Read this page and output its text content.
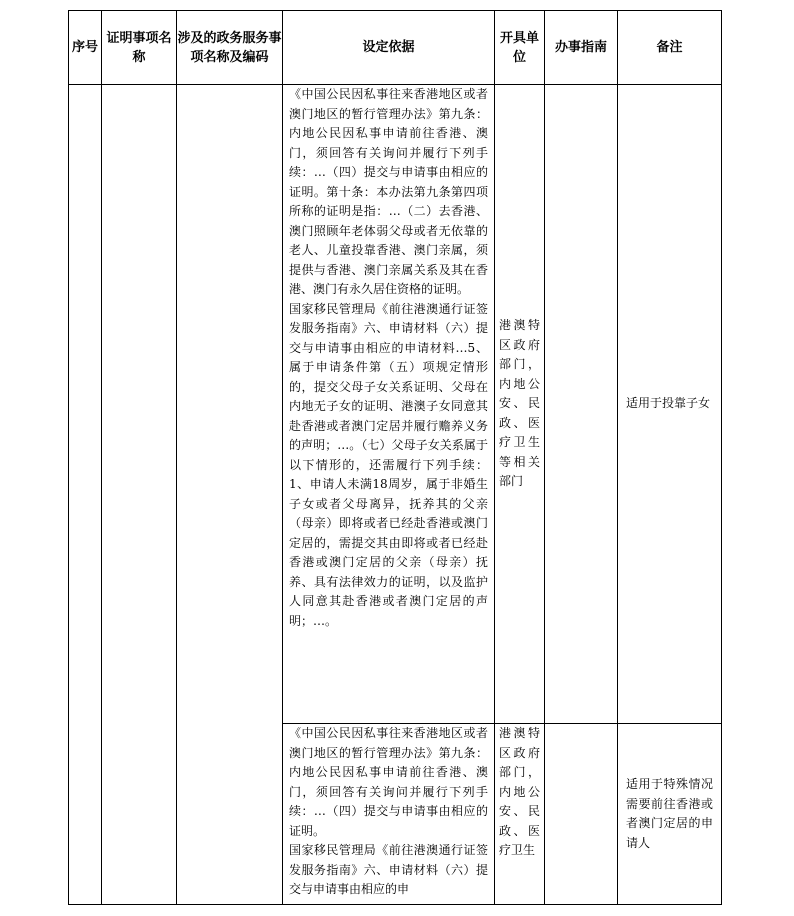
序号	证明事项名称	涉及的政务服务事项名称及编码	设定依据	开具单位	办事指南	备注

			《中国公民因私事往来香港地区或者澳门地区的暂行管理办法》第九条：内地公民因私事申请前往香港、澳门，须回答有关询问并履行下列手续：…（四）提交与申请事由相应的证明。第十条：本办法第九条第四项所称的证明是指：…（二）去香港、澳门照顾年老体弱父母或者无依靠的老人、儿童投靠香港、澳门亲属，须提供与香港、澳门亲属关系及其在香港、澳门有永久居住资格的证明。

国家移民管理局《前往港澳通行证签发服务指南》六、申请材料（六）提交与申请事由相应的申请材料…5、属于申请条件第（五）项规定情形的，提交父母子女关系证明、父母在内地无子女的证明、港澳子女同意其赴香港或者澳门定居并履行赡养义务的声明；…。（七）父母子女关系属于以下情形的，还需履行下列手续：1、申请人未满18周岁，属于非婚生子女或者父母离异，抚养其的父亲（母亲）即将或者已经赴香港或澳门定居的，需提交其由即将或者已经赴香港或澳门定居的父亲（母亲）抚养、具有法律效力的证明，以及监护人同意其赴香港或者澳门定居的声明；…。	港澳特区政府部门，内地公安、民政、医疗卫生等相关部门		适用于投靠子女

			《中国公民因私事往来香港地区或者澳门地区的暂行管理办法》第九条：内地公民因私事申请前往香港、澳门，须回答有关询问并履行下列手续：…（四）提交与申请事由相应的证明。

国家移民管理局《前往港澳通行证签发服务指南》六、申请材料（六）提交与申请事由相应的申	港澳特区政府部门，内地公安、民政、医疗卫生		适用于特殊情况需要前往香港或者澳门定居的申请人
